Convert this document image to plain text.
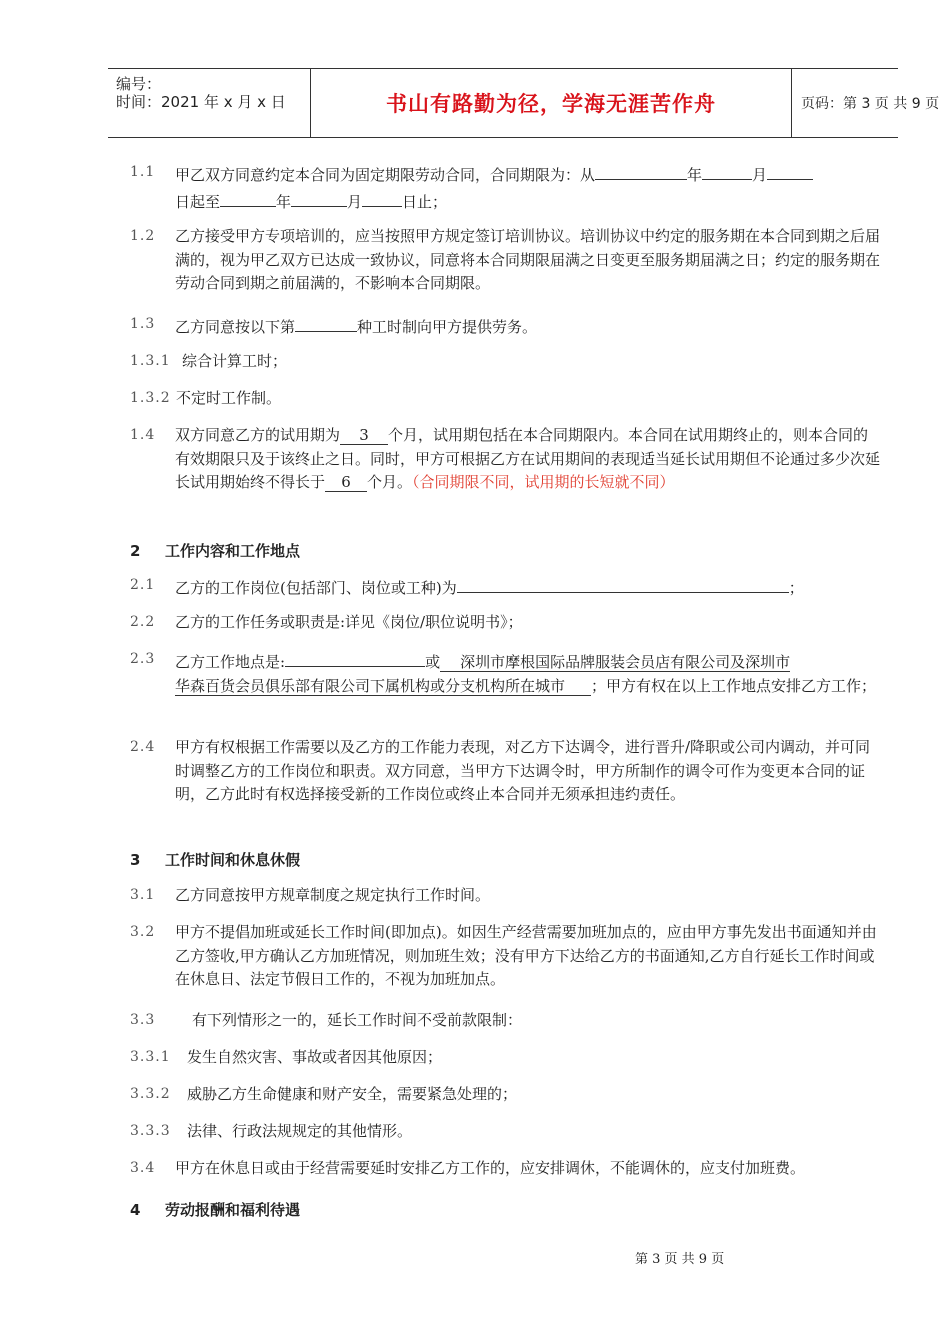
编号：
时间：2021 年 x 月 x 日	书山有路勤为径，学海无涯苦作舟	页码：第 3 页 共 9 页
1.1 甲乙双方同意约定本合同为固定期限劳动合同，合同期限为：从	年	月
日起至	年	月	日止；
1.2 乙方接受甲方专项培训的，应当按照甲方规定签订培训协议。培训协议中约定的服务期在本合同到期之后届满的，视为甲乙双方已达成一致协议，同意将本合同期限届满之日变更至服务期届满之日；约定的服务期在劳动合同到期之前届满的，不影响本合同期限。
1.3 乙方同意按以下第	种工时制向甲方提供劳务。
1.3.1 综合计算工时；
1.3.2 不定时工作制。
1.4 双方同意乙方的试用期为 3 个月，试用期包括在本合同期限内。本合同在试用期终止的，则本合同的有效期限只及于该终止之日。同时，甲方可根据乙方在试用期间的表现适当延长试用期但不论通过多少次延长试用期始终不得长于 6 个月。（合同期限不同，试用期的长短就不同）
2 工作内容和工作地点
2.1 乙方的工作岗位(包括部门、岗位或工种)为	；
2.2 乙方的工作任务或职责是:详见《岗位/职位说明书》；
2.3 乙方工作地点是:	或 深圳市摩根国际品牌服装会员店有限公司及深圳市
华森百货会员俱乐部有限公司下属机构或分支机构所在城市 ；甲方有权在以上工作地点安排乙方工作；
2.4 甲方有权根据工作需要以及乙方的工作能力表现，对乙方下达调令，进行晋升/降职或公司内调动，并可同时调整乙方的工作岗位和职责。双方同意，当甲方下达调令时，甲方所制作的调令可作为变更本合同的证明，乙方此时有权选择接受新的工作岗位或终止本合同并无须承担违约责任。
3 工作时间和休息休假
3.1 乙方同意按甲方规章制度之规定执行工作时间。
3.2 甲方不提倡加班或延长工作时间(即加点)。如因生产经营需要加班加点的，应由甲方事先发出书面通知并由乙方签收,甲方确认乙方加班情况，则加班生效；没有甲方下达给乙方的书面通知,乙方自行延长工作时间或在休息日、法定节假日工作的，不视为加班加点。
3.3 有下列情形之一的，延长工作时间不受前款限制：
3.3.1 发生自然灾害、事故或者因其他原因；
3.3.2 威胁乙方生命健康和财产安全，需要紧急处理的；
3.3.3 法律、行政法规规定的其他情形。
3.4 甲方在休息日或由于经营需要延时安排乙方工作的，应安排调休，不能调休的，应支付加班费。
4 劳动报酬和福利待遇
第 3 页 共 9 页
